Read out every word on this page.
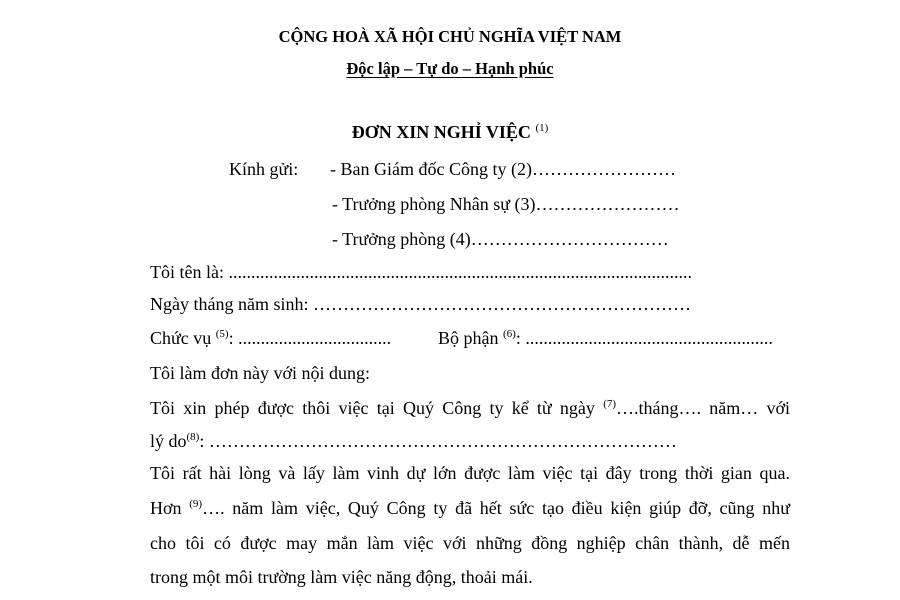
CỘNG HOÀ XÃ HỘI CHỦ NGHĨA VIỆT NAM
Độc lập – Tự do – Hạnh phúc
ĐƠN XIN NGHỈ VIỆC $^{(1)}$
Kính gửi: - Ban Giám đốc Công ty (2)……………………
- Trưởng phòng Nhân sự (3)……………………
- Trưởng phòng (4)……………………………
Tôi tên là: .......................................................................................................
Ngày tháng năm sinh: ………………………………………………………
Chức vụ $^{(5)}$: ..................................	Bộ phận $^{(6)}$: .......................................................
Tôi làm đơn này với nội dung:
Tôi xin phép được thôi việc tại Quý Công ty kể từ ngày $^{(7)}$….tháng…. năm… với
lý $do^{(8)}$: ……………………………………………………………………
Tôi rất hài lòng và lấy làm vinh dự lớn được làm việc tại đây trong thời gian qua.
Hơn $^{(9)}$…. năm làm việc, Quý Công ty đã hết sức tạo điều kiện giúp đỡ, cũng như
cho tôi có được may mắn làm việc với những đồng nghiệp chân thành, dễ mến
trong một môi trường làm việc năng động, thoải mái.
